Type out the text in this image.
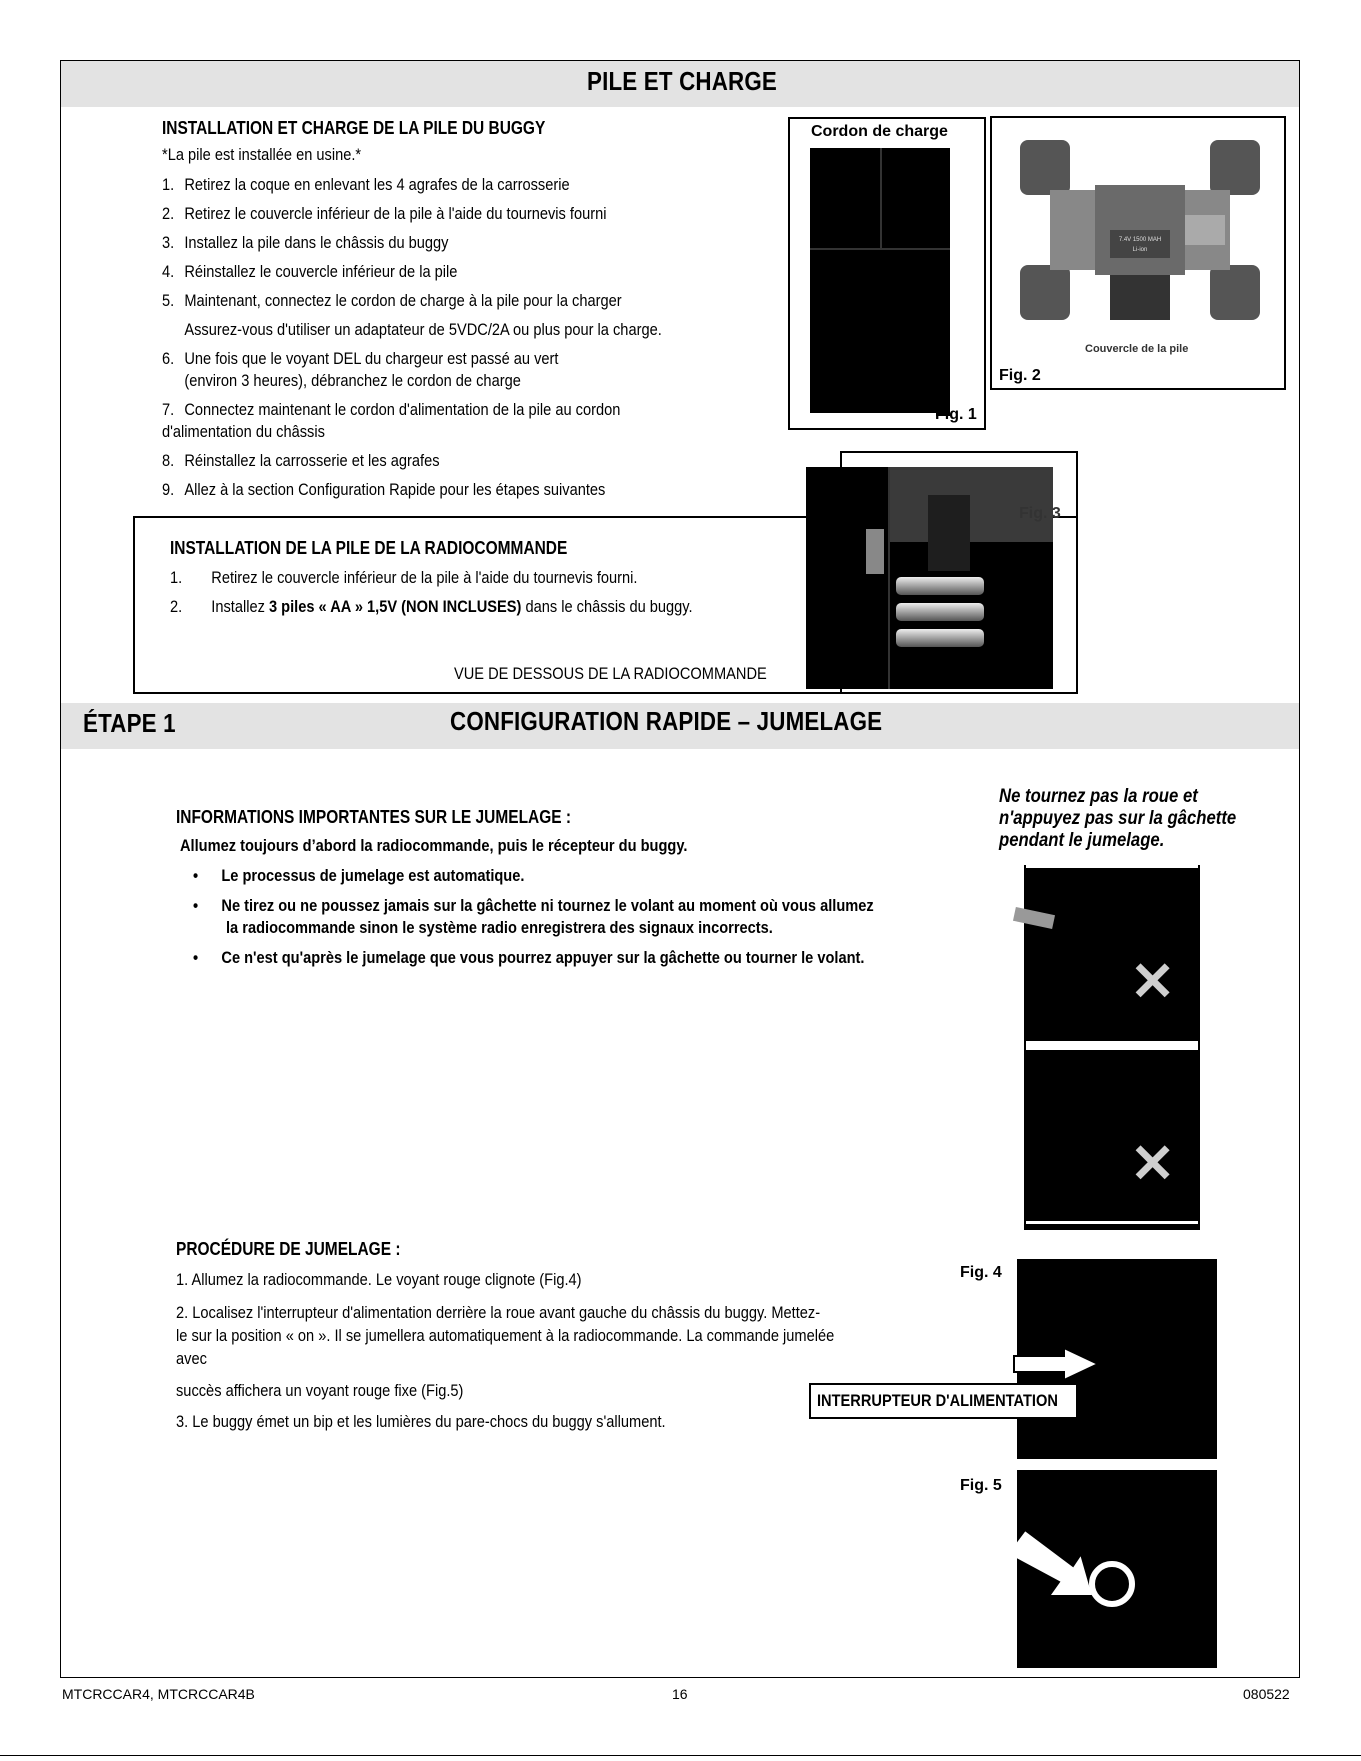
PILE ET CHARGE
INSTALLATION ET CHARGE DE LA PILE DU BUGGY
*La pile est installée en usine.*
1. Retirez la coque en enlevant les 4 agrafes de la carrosserie
2. Retirez le couvercle inférieur de la pile à l'aide du tournevis fourni
3. Installez la pile dans le châssis du buggy
4. Réinstallez le couvercle inférieur de la pile
5. Maintenant, connectez le cordon de charge à la pile pour la charger
Assurez-vous d'utiliser un adaptateur de 5VDC/2A ou plus pour la charge.
6. Une fois que le voyant DEL du chargeur est passé au vert
(environ 3 heures), débranchez le cordon de charge
7. Connectez maintenant le cordon d'alimentation de la pile au cordon
d'alimentation du châssis
8. Réinstallez la carrosserie et les agrafes
9. Allez à la section Configuration Rapide pour les étapes suivantes
Cordon de charge
Fig. 1
7.4V 1500 MAH
Li-ion
Couvercle de la pile
Fig. 2
Fig. 3
INSTALLATION DE LA PILE DE LA RADIOCOMMANDE
1. Retirez le couvercle inférieur de la pile à l'aide du tournevis fourni.
2. Installez 3 piles « AA » 1,5V (NON INCLUSES) dans le châssis du buggy.
VUE DE DESSOUS DE LA RADIOCOMMANDE
ÉTAPE 1	CONFIGURATION RAPIDE – JUMELAGE
Ne tournez pas la roue et
n'appuyez pas sur la gâchette
pendant le jumelage.
INFORMATIONS IMPORTANTES SUR LE JUMELAGE :
Allumez toujours d’abord la radiocommande, puis le récepteur du buggy.
• Le processus de jumelage est automatique.
• Ne tirez ou ne poussez jamais sur la gâchette ni tournez le volant au moment où vous allumez
la radiocommande sinon le système radio enregistrera des signaux incorrects.
• Ce n'est qu'après le jumelage que vous pourrez appuyer sur la gâchette ou tourner le volant.	✕
✕
PROCÉDURE DE JUMELAGE :
1. Allumez la radiocommande. Le voyant rouge clignote (Fig.4)
2. Localisez l'interrupteur d'alimentation derrière la roue avant gauche du châssis du buggy. Mettez-
le sur la position « on ». Il se jumellera automatiquement à la radiocommande. La commande jumelée
avec
succès affichera un voyant rouge fixe (Fig.5)
3. Le buggy émet un bip et les lumières du pare-chocs du buggy s'allument.
Fig. 4
INTERRUPTEUR D'ALIMENTATION
Fig. 5
MTCRCCAR4, MTCRCCAR4B	16	080522
